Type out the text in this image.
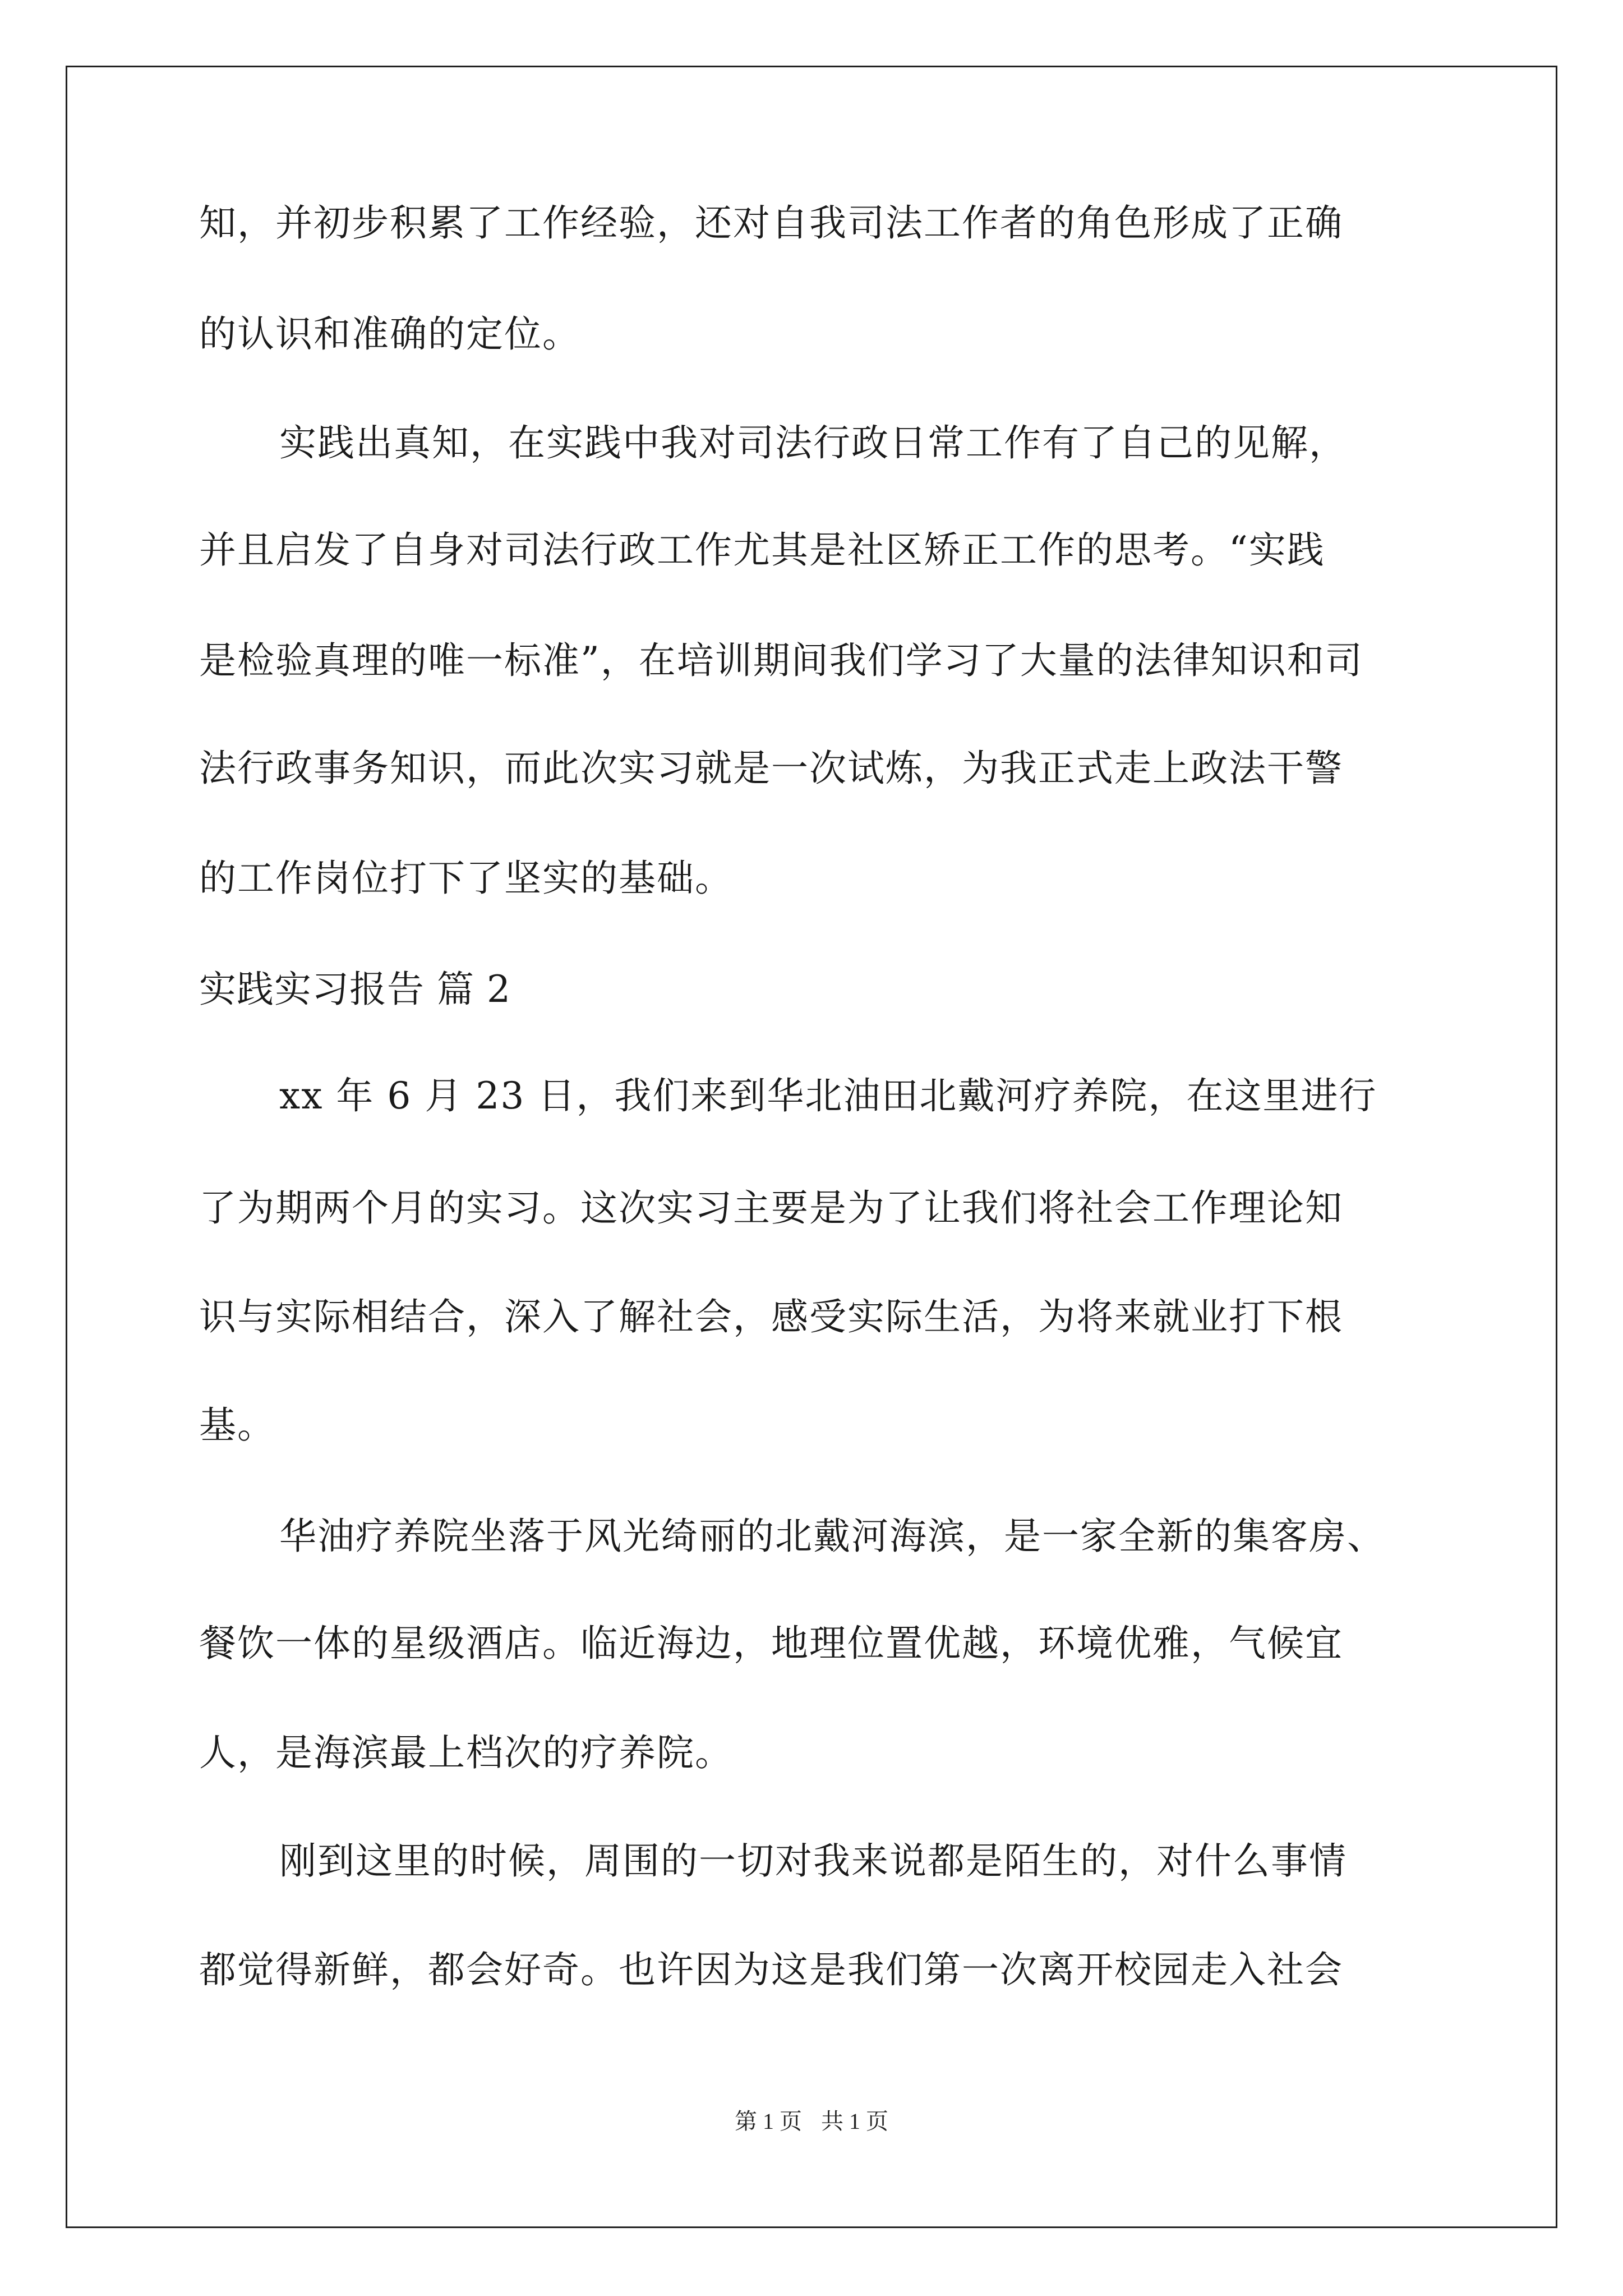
知，并初步积累了工作经验，还对自我司法工作者的角色形成了正确

的认识和准确的定位。

实践出真知，在实践中我对司法行政日常工作有了自己的见解，

并且启发了自身对司法行政工作尤其是社区矫正工作的思考。“实践

是检验真理的唯一标准”，在培训期间我们学习了大量的法律知识和司

法行政事务知识，而此次实习就是一次试炼，为我正式走上政法干警

的工作岗位打下了坚实的基础。

实践实习报告 篇 2

xx 年 6 月 23 日，我们来到华北油田北戴河疗养院，在这里进行

了为期两个月的实习。这次实习主要是为了让我们将社会工作理论知

识与实际相结合，深入了解社会，感受实际生活，为将来就业打下根

基。

华油疗养院坐落于风光绮丽的北戴河海滨，是一家全新的集客房、

餐饮一体的星级酒店。临近海边，地理位置优越，环境优雅，气候宜

人，是海滨最上档次的疗养院。

刚到这里的时候，周围的一切对我来说都是陌生的，对什么事情

都觉得新鲜，都会好奇。也许因为这是我们第一次离开校园走入社会

第 1 页 共 1 页
